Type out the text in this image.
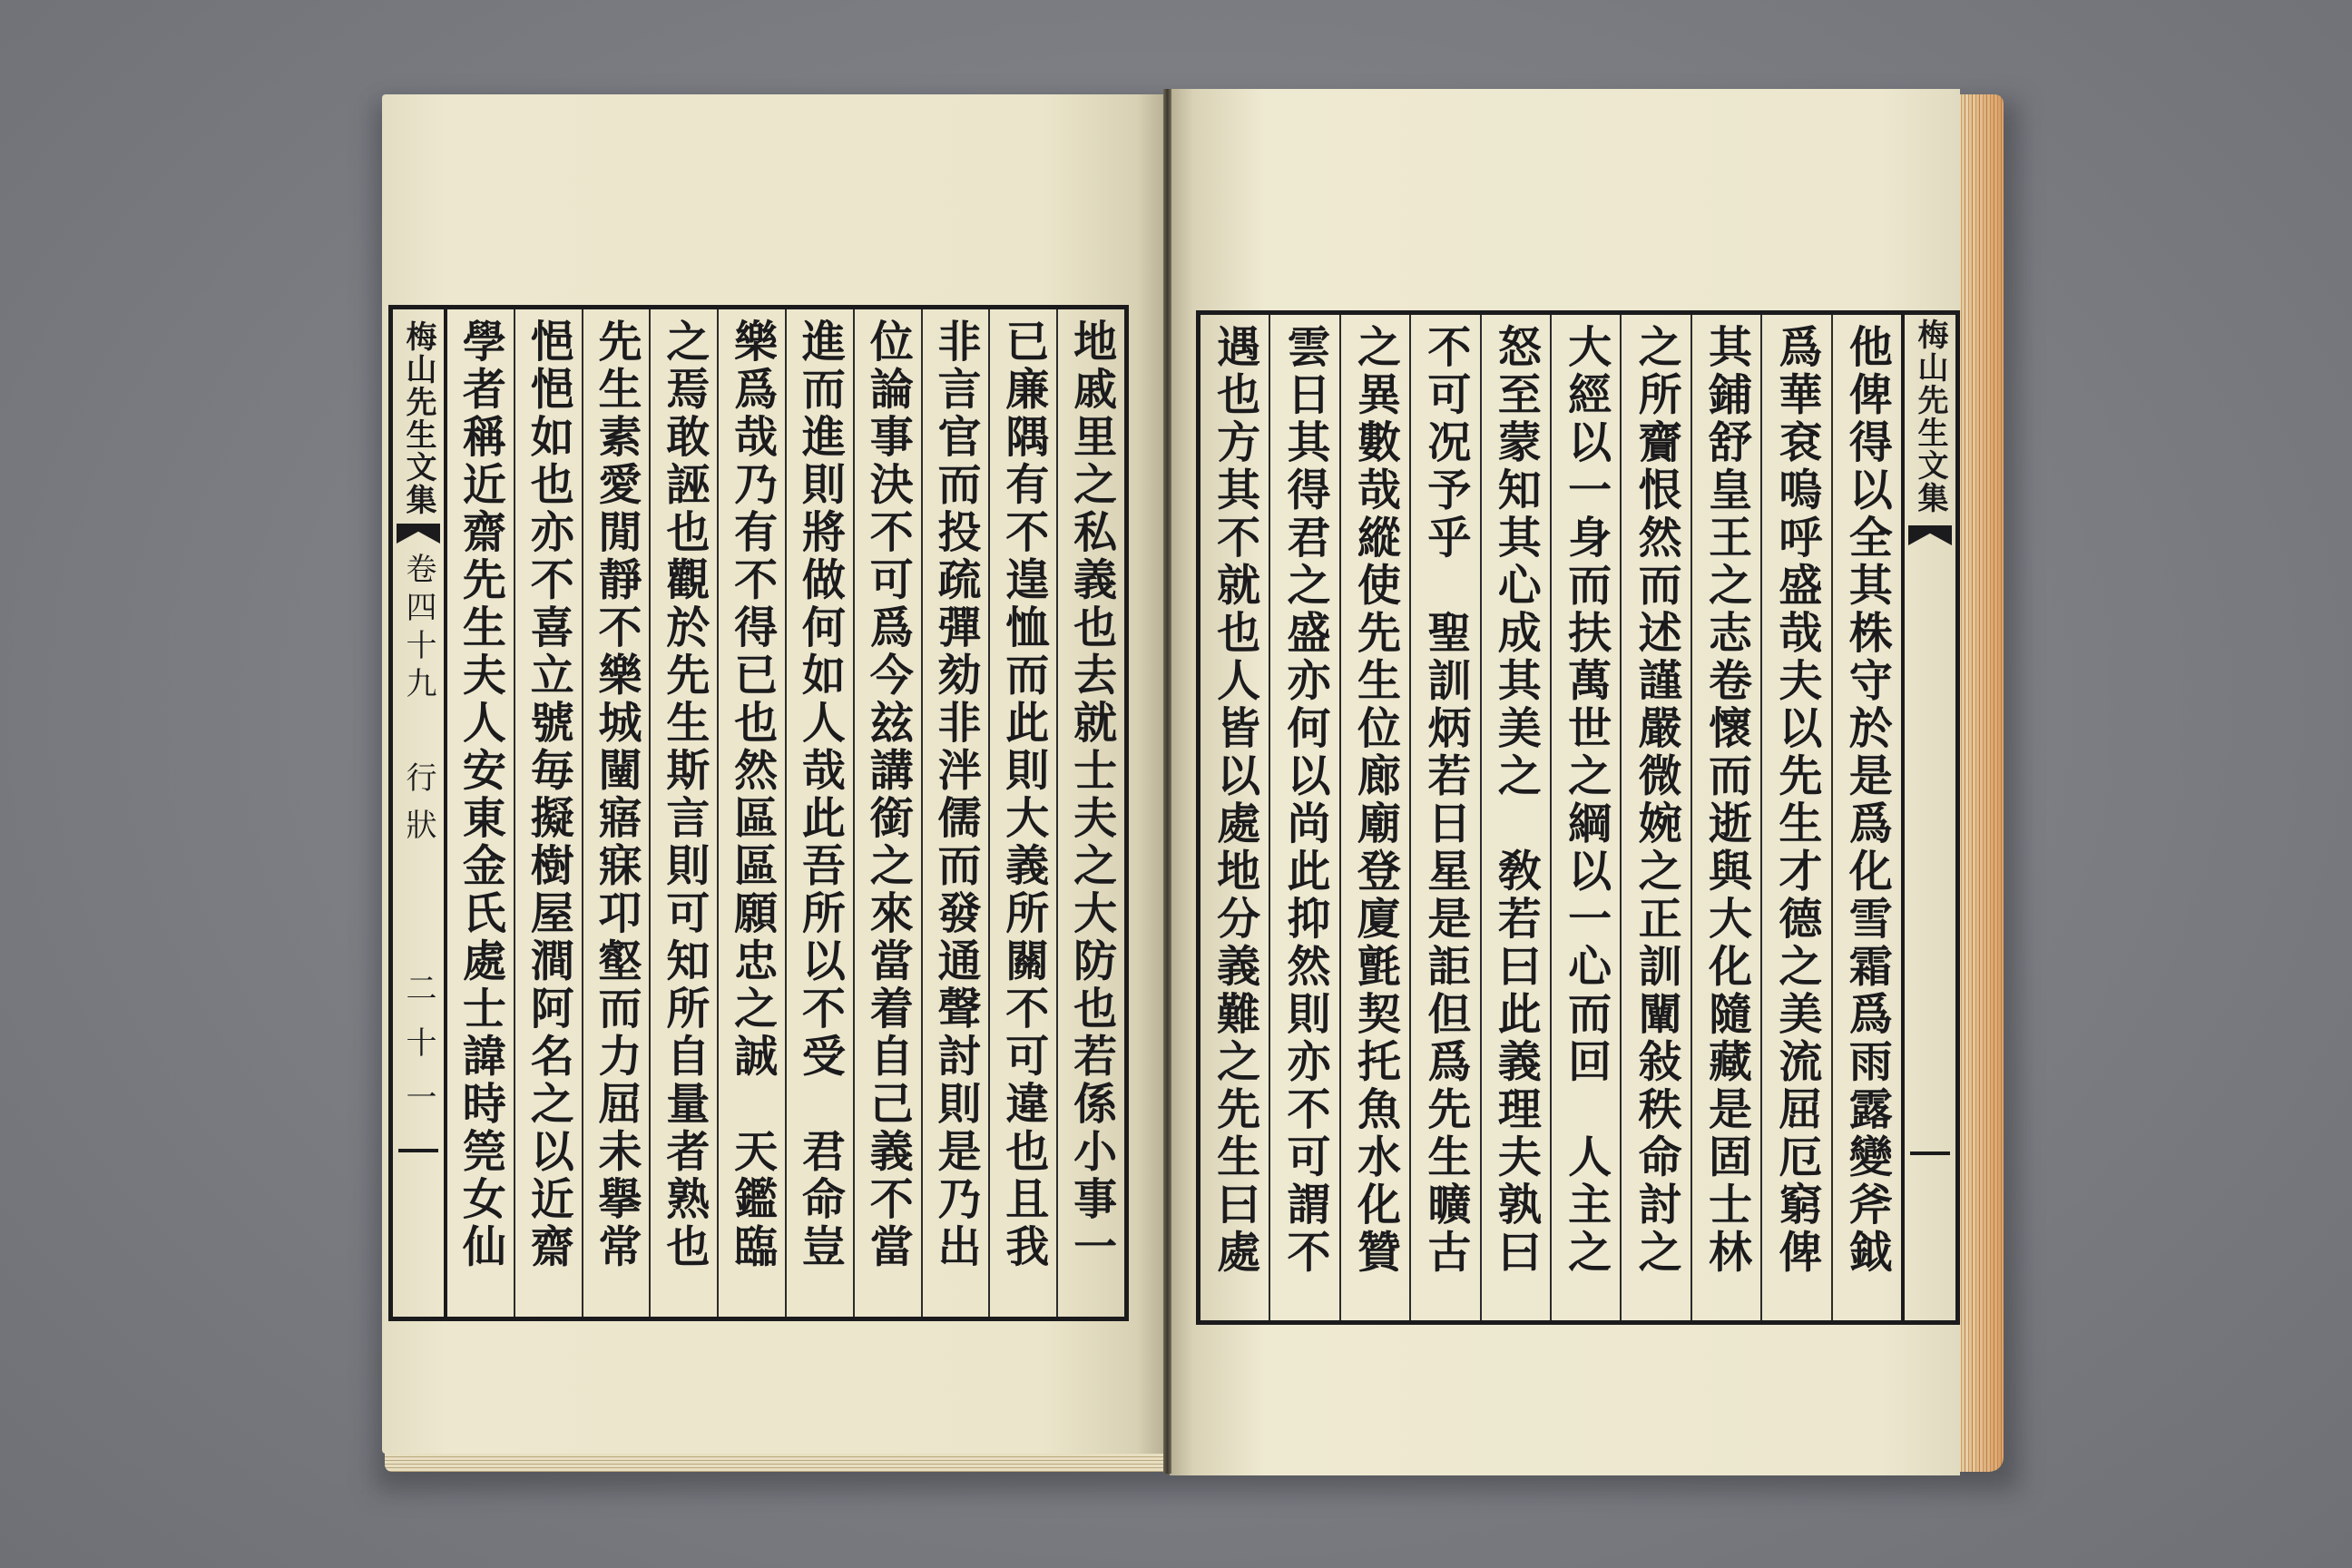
梅山先生文集
卷四十九
行狀
二十一	地戚里之私義也去就士夫之大防也若係小事一
已廉隅有不遑恤而此則大義所關不可違也且我
非言官而投疏彈劾非泮儒而發通聲討則是乃出
位論事決不可爲今玆講銜之來當着自己義不當
進而進則將做何如人哉此吾所以不受　君命豈
樂爲哉乃有不得已也然區區願忠之誠　天鑑臨
之焉敢誣也觀於先生斯言則可知所自量者熟也
先生素愛閒靜不樂城闉寤寐卭壑而力屈未擧常
悒悒如也亦不喜立號毎擬樹屋澗阿名之以近齋
學者稱近齋先生夫人安東金氏處士諱時筦女仙	他俾得以全其株守於是爲化雪霜爲雨露變斧鉞
爲華袞嗚呼盛哉夫以先生才德之美流屈厄窮俾
其鋪舒皇王之志卷懷而逝與大化隨藏是固士林
之所齎恨然而述謹嚴微婉之正訓闡敍秩命討之
大經以一身而扶萬世之綱以一心而回　人主之
怒至蒙知其心成其美之　敎若曰此義理夫孰曰
不可况予乎　聖訓炳若日星是詎但爲先生曠古
之異數哉縱使先生位廊廟登廈氈契托魚水化贊
雲日其得君之盛亦何以尚此抑然則亦不可謂不
遇也方其不就也人皆以處地分義難之先生曰處	梅山先生文集
